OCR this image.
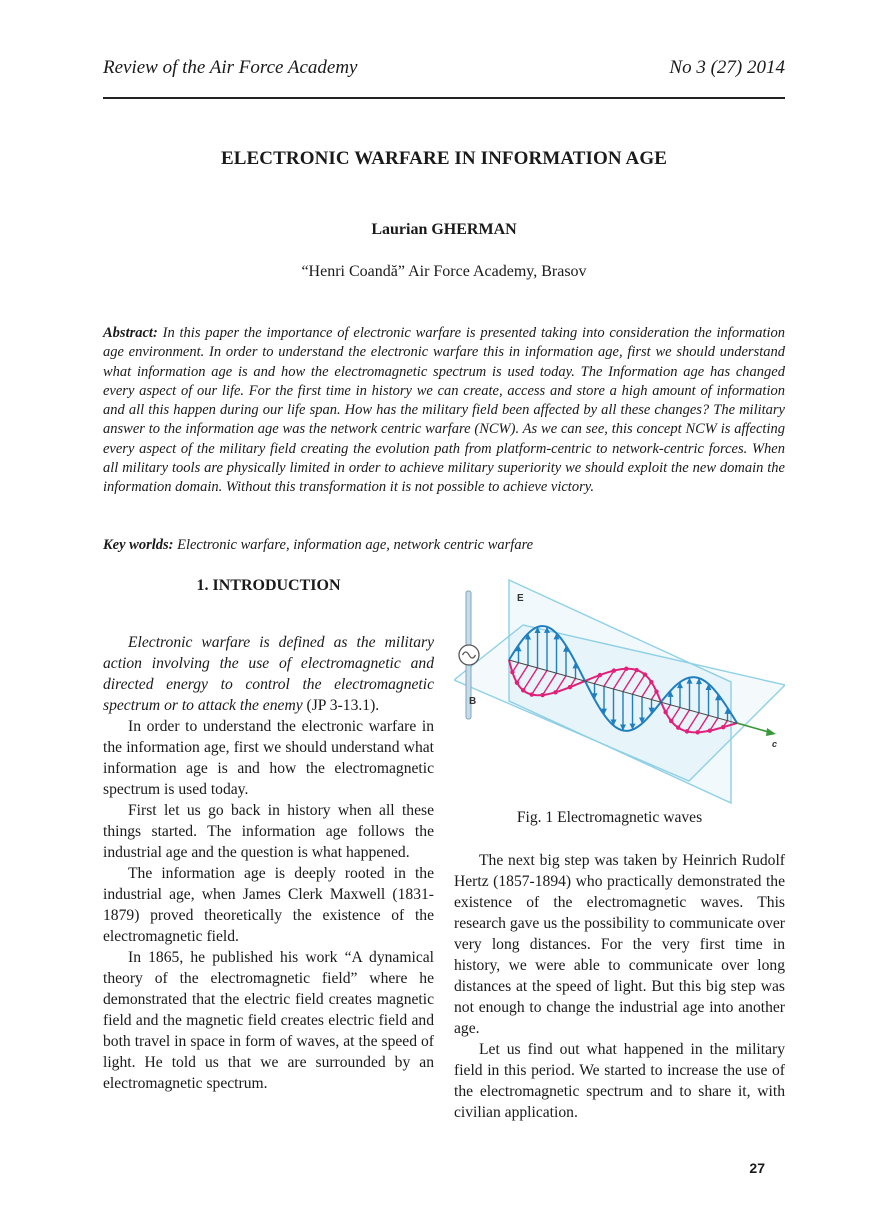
Review of the Air Force Academy	No 3 (27) 2014
ELECTRONIC WARFARE IN INFORMATION AGE
Laurian GHERMAN
“Henri Coandă” Air Force Academy, Brasov
Abstract: In this paper the importance of electronic warfare is presented taking into consideration the information age environment. In order to understand the electronic warfare this in information age, first we should understand what information age is and how the electromagnetic spectrum is used today. The Information age has changed every aspect of our life. For the first time in history we can create, access and store a high amount of information and all this happen during our life span. How has the military field been affected by all these changes? The military answer to the information age was the network centric warfare (NCW). As we can see, this concept NCW is affecting every aspect of the military field creating the evolution path from platform-centric to network-centric forces. When all military tools are physically limited in order to achieve military superiority we should exploit the new domain the information domain. Without this transformation it is not possible to achieve victory.
Key worlds: Electronic warfare, information age, network centric warfare
1. INTRODUCTION

Electronic warfare is defined as the military action involving the use of electromagnetic and directed energy to control the electromagnetic spectrum or to attack the enemy (JP 3-13.1).

In order to understand the electronic warfare in the information age, first we should understand what information age is and how the electromagnetic spectrum is used today.

First let us go back in history when all these things started. The information age follows the industrial age and the question is what happened.

The information age is deeply rooted in the industrial age, when James Clerk Maxwell (1831-1879) proved theoretically the existence of the electromagnetic field.

In 1865, he published his work “A dynamical theory of the electromagnetic field” where he demonstrated that the electric field creates magnetic field and the magnetic field creates electric field and both travel in space in form of waves, at the speed of light. He told us that we are surrounded by an electromagnetic spectrum.

E
B
c
Fig. 1 Electromagnetic waves

The next big step was taken by Heinrich Rudolf Hertz (1857-1894) who practically demonstrated the existence of the electromagnetic waves. This research gave us the possibility to communicate over very long distances. For the very first time in history, we were able to communicate over long distances at the speed of light. But this big step was not enough to change the industrial age into another age.

Let us find out what happened in the military field in this period. We started to increase the use of the electromagnetic spectrum and to share it, with civilian application.

27
